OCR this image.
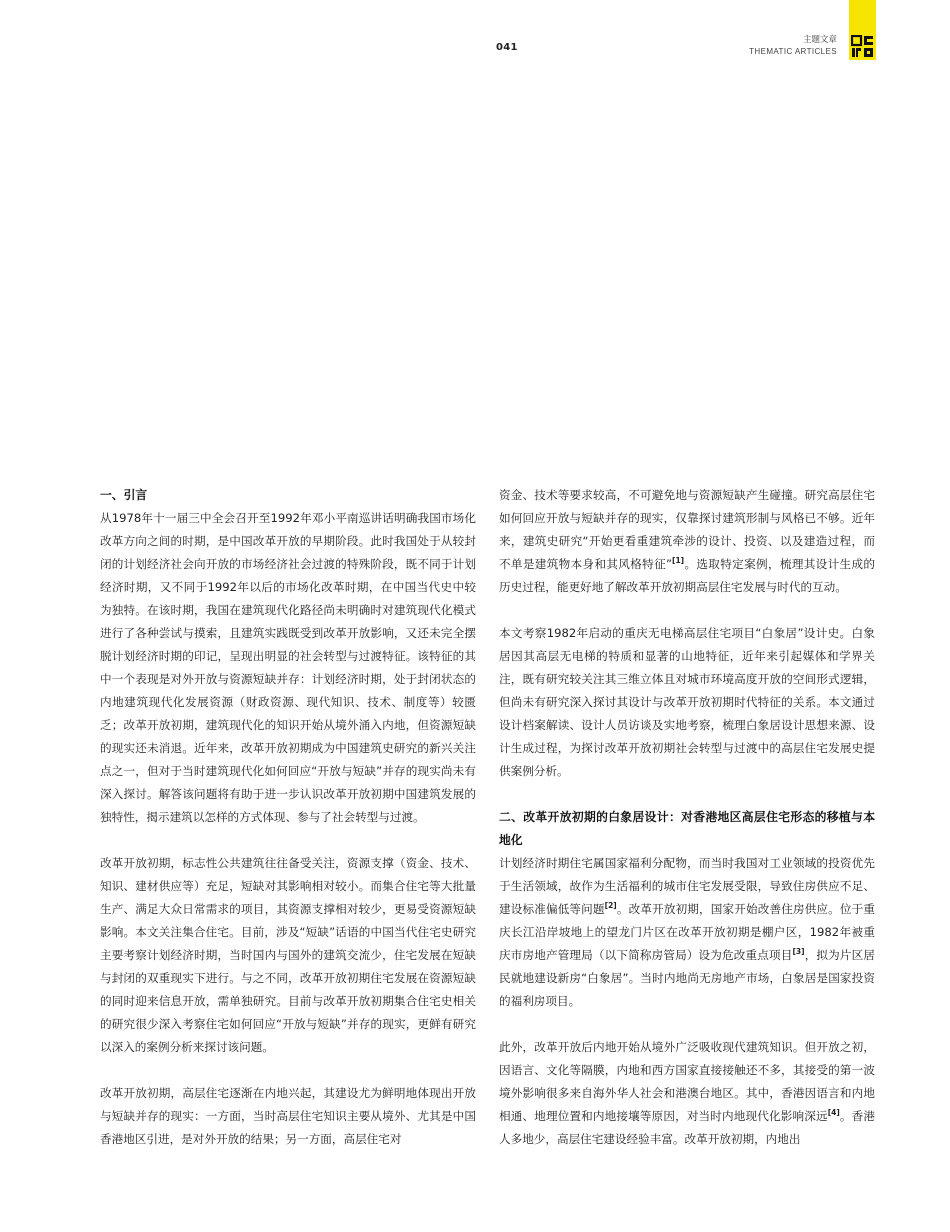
041
主题文章
THEMATIC ARTICLES
一、引言

从1978年十一届三中全会召开至1992年邓小平南巡讲话明确我国市场化改革方向之间的时期，是中国改革开放的早期阶段。此时我国处于从较封闭的计划经济社会向开放的市场经济社会过渡的特殊阶段，既不同于计划经济时期，又不同于1992年以后的市场化改革时期，在中国当代史中较为独特。在该时期，我国在建筑现代化路径尚未明确时对建筑现代化模式进行了各种尝试与摸索，且建筑实践既受到改革开放影响，又还未完全摆脱计划经济时期的印记，呈现出明显的社会转型与过渡特征。该特征的其中一个表现是对外开放与资源短缺并存：计划经济时期，处于封闭状态的内地建筑现代化发展资源（财政资源、现代知识、技术、制度等）较匮乏；改革开放初期，建筑现代化的知识开始从境外涌入内地，但资源短缺的现实还未消退。近年来，改革开放初期成为中国建筑史研究的新兴关注点之一，但对于当时建筑现代化如何回应“开放与短缺”并存的现实尚未有深入探讨。解答该问题将有助于进一步认识改革开放初期中国建筑发展的独特性，揭示建筑以怎样的方式体现、参与了社会转型与过渡。

改革开放初期，标志性公共建筑往往备受关注，资源支撑（资金、技术、知识、建材供应等）充足，短缺对其影响相对较小。而集合住宅等大批量生产、满足大众日常需求的项目，其资源支撑相对较少，更易受资源短缺影响。本文关注集合住宅。目前，涉及“短缺”话语的中国当代住宅史研究主要考察计划经济时期，当时国内与国外的建筑交流少，住宅发展在短缺与封闭的双重现实下进行。与之不同，改革开放初期住宅发展在资源短缺的同时迎来信息开放，需单独研究。目前与改革开放初期集合住宅史相关的研究很少深入考察住宅如何回应“开放与短缺”并存的现实，更鲜有研究以深入的案例分析来探讨该问题。

改革开放初期，高层住宅逐渐在内地兴起，其建设尤为鲜明地体现出开放与短缺并存的现实：一方面，当时高层住宅知识主要从境外、尤其是中国香港地区引进，是对外开放的结果；另一方面，高层住宅对

资金、技术等要求较高，不可避免地与资源短缺产生碰撞。研究高层住宅如何回应开放与短缺并存的现实，仅靠探讨建筑形制与风格已不够。近年来，建筑史研究“开始更看重建筑牵涉的设计、投资、以及建造过程，而不单是建筑物本身和其风格特征”[1]。选取特定案例，梳理其设计生成的历史过程，能更好地了解改革开放初期高层住宅发展与时代的互动。

本文考察1982年启动的重庆无电梯高层住宅项目“白象居”设计史。白象居因其高层无电梯的特质和显著的山地特征，近年来引起媒体和学界关注，既有研究较关注其三维立体且对城市环境高度开放的空间形式逻辑，但尚未有研究深入探讨其设计与改革开放初期时代特征的关系。本文通过设计档案解读、设计人员访谈及实地考察，梳理白象居设计思想来源、设计生成过程，为探讨改革开放初期社会转型与过渡中的高层住宅发展史提供案例分析。

二、改革开放初期的白象居设计：对香港地区高层住宅形态的移植与本地化

计划经济时期住宅属国家福利分配物，而当时我国对工业领域的投资优先于生活领域，故作为生活福利的城市住宅发展受限，导致住房供应不足、建设标准偏低等问题[2]。改革开放初期，国家开始改善住房供应。位于重庆长江沿岸坡地上的望龙门片区在改革开放初期是棚户区，1982年被重庆市房地产管理局（以下简称房管局）设为危改重点项目[3]，拟为片区居民就地建设新房“白象居”。当时内地尚无房地产市场，白象居是国家投资的福利房项目。

此外，改革开放后内地开始从境外广泛吸收现代建筑知识。但开放之初，因语言、文化等隔膜，内地和西方国家直接接触还不多，其接受的第一波境外影响很多来自海外华人社会和港澳台地区。其中，香港因语言和内地相通、地理位置和内地接壤等原因，对当时内地现代化影响深远[4]。香港人多地少，高层住宅建设经验丰富。改革开放初期，内地出
